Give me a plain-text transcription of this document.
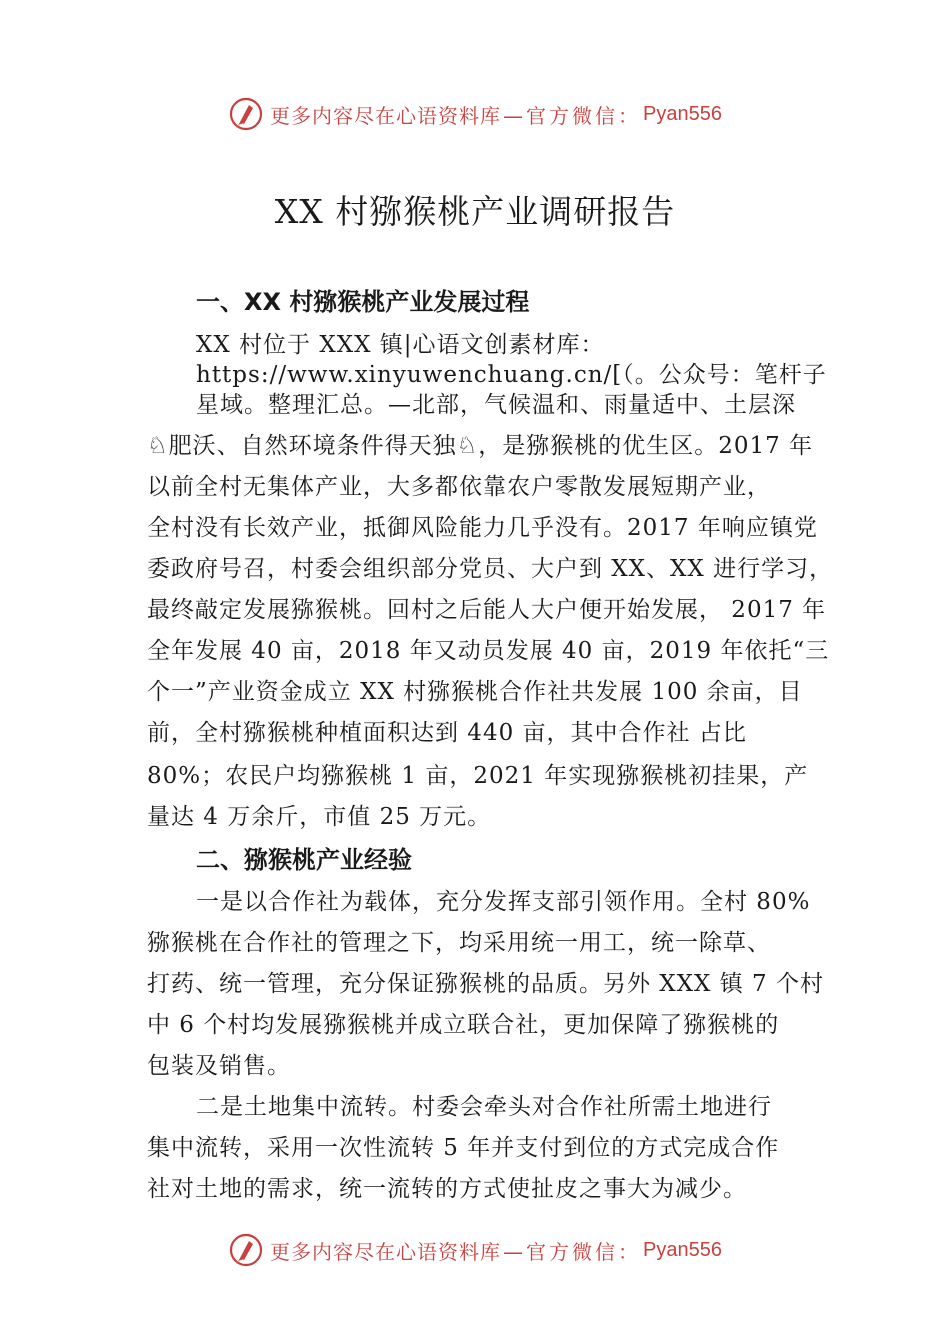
更多内容尽在心语资料库 —官方微信： Pyan556
XX 村猕猴桃产业调研报告
一、XX 村猕猴桃产业发展过程
XX 村位于 XXX 镇|心语文创素材库：
https://www.xinyuwenchuang.cn/[（。公众号：笔杆子
星域。整理汇总。—北部，气候温和、雨量适中、土层深
♘肥沃、自然环境条件得天独♘，是猕猴桃的优生区。2017 年
以前全村无集体产业，大多都依靠农户零散发展短期产业，
全村没有长效产业，抵御风险能力几乎没有。2017 年响应镇党
委政府号召，村委会组织部分党员、大户到 XX、XX 进行学习，
最终敲定发展猕猴桃。回村之后能人大户便开始发展， 2017 年
全年发展 40 亩，2018 年又动员发展 40 亩，2019 年依托“三
个一”产业资金成立 XX 村猕猴桃合作社共发展 100 余亩，目
前，全村猕猴桃种植面积达到 440 亩，其中合作社 占比
80%；农民户均猕猴桃 1 亩，2021 年实现猕猴桃初挂果，产
量达 4 万余斤，市值 25 万元。
二、猕猴桃产业经验
一是以合作社为载体，充分发挥支部引领作用。全村 80%
猕猴桃在合作社的管理之下，均采用统一用工，统一除草、
打药、统一管理，充分保证猕猴桃的品质。另外 XXX 镇 7 个村
中 6 个村均发展猕猴桃并成立联合社，更加保障了猕猴桃的
包装及销售。
二是土地集中流转。村委会牵头对合作社所需土地进行
集中流转，采用一次性流转 5 年并支付到位的方式完成合作
社对土地的需求，统一流转的方式使扯皮之事大为减少。
更多内容尽在心语资料库 —官方微信： Pyan556
